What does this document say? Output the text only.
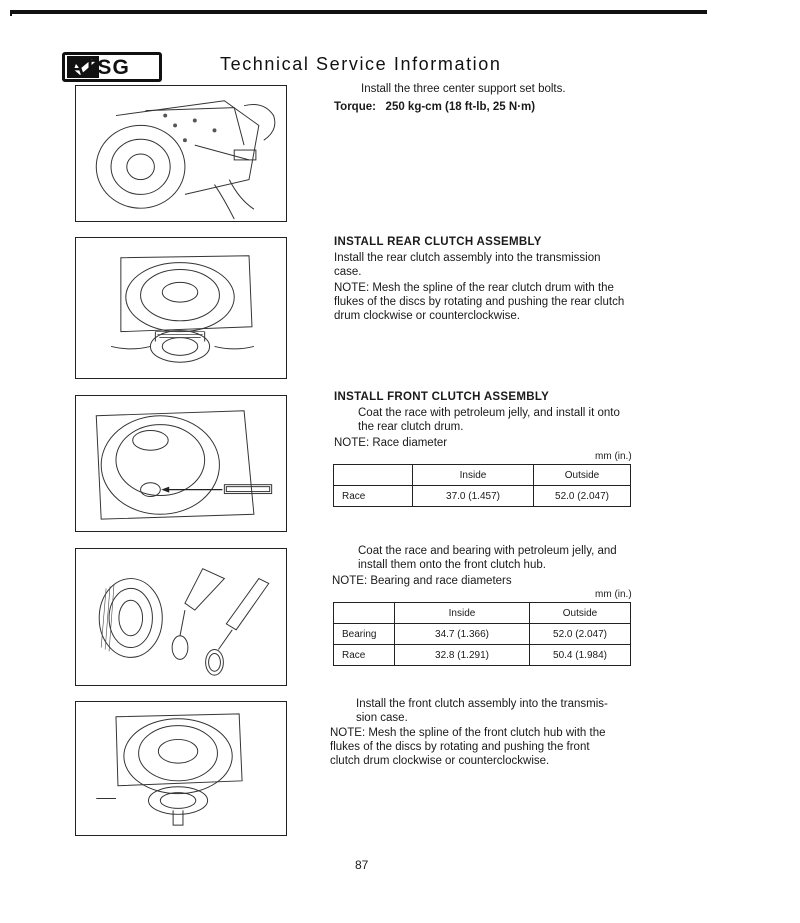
ATSG	Technical Service Information
Install the three center support set bolts.
Torque: 250 kg-cm (18 ft-lb, 25 N·m)
INSTALL REAR CLUTCH ASSEMBLY
Install the rear clutch assembly into the transmission
case.
NOTE: Mesh the spline of the rear clutch drum with the
flukes of the discs by rotating and pushing the rear clutch
drum clockwise or counterclockwise.
INSTALL FRONT CLUTCH ASSEMBLY
Coat the race with petroleum jelly, and install it onto
the rear clutch drum.
NOTE: Race diameter
mm (in.)
	Inside	Outside
Race	37.0 (1.457)	52.0 (2.047)
Coat the race and bearing with petroleum jelly, and
install them onto the front clutch hub.
NOTE: Bearing and race diameters
mm (in.)
	Inside	Outside
Bearing	34.7 (1.366)	52.0 (2.047)
Race	32.8 (1.291)	50.4 (1.984)
Install the front clutch assembly into the transmis-
sion case.
NOTE: Mesh the spline of the front clutch hub with the
flukes of the discs by rotating and pushing the front
clutch drum clockwise or counterclockwise.
87
